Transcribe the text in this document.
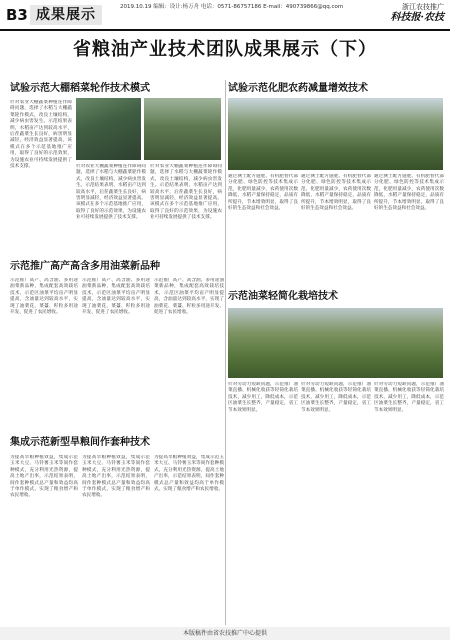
B3 成果展示	2019.10.19 编辑：设计:杨万舟 电话：0571-86757186 E-mail：490739866@qq.com	浙江农技推广
科技报·农技
省粮油产业技术团队成果展示（下）
试验示范大棚稻菜轮作技术模式
针对农业大棚蔬菜种植连作障碍问题，选择了水稻与大棚蔬菜轮作模式，改良土壤结构，减少病虫害发生。示范结果表明，水稻亩产达到较高水平，后茬蔬菜生长良好，病害明显减轻，经济效益显著提高。该模式在多个示范基地推广应用，取得了良好的示范效果，为设施农业可持续发展提供了技术支撑。	针对农业大棚蔬菜种植连作障碍问题，选择了水稻与大棚蔬菜轮作模式，改良土壤结构，减少病虫害发生。示范结果表明，水稻亩产达到较高水平，后茬蔬菜生长良好，病害明显减轻，经济效益显著提高。该模式在多个示范基地推广应用，取得了良好的示范效果，为设施农业可持续发展提供了技术支撑。
针对农业大棚蔬菜种植连作障碍问题，选择了水稻与大棚蔬菜轮作模式，改良土壤结构，减少病虫害发生。示范结果表明，水稻亩产达到较高水平，后茬蔬菜生长良好，病害明显减轻，经济效益显著提高。该模式在多个示范基地推广应用，取得了良好的示范效果，为设施农业可持续发展提供了技术支撑。
试验示范化肥农药减量增效技术
通过测土配方施肥、有机肥替代部分化肥、绿色防控等技术集成示范，化肥用量减少，农药使用次数降低，水稻产量保持稳定，品质有所提升，节本增效明显，取得了良好的生态效益和社会效益。
通过测土配方施肥、有机肥替代部分化肥、绿色防控等技术集成示范，化肥用量减少，农药使用次数降低，水稻产量保持稳定，品质有所提升，节本增效明显，取得了良好的生态效益和社会效益。
通过测土配方施肥、有机肥替代部分化肥、绿色防控等技术集成示范，化肥用量减少，农药使用次数降低，水稻产量保持稳定，品质有所提升，节本增效明显，取得了良好的生态效益和社会效益。
示范推广高产高含多用油菜新品种
示范推广高产、高含油、多用途油菜新品种，集成配套高效栽培技术，示范区油菜平均亩产明显提高，含油量达到较高水平，实现了油菜花、菜薹、籽粒多用途开发，促进了农民增收。
示范推广高产、高含油、多用途油菜新品种，集成配套高效栽培技术，示范区油菜平均亩产明显提高，含油量达到较高水平，实现了油菜花、菜薹、籽粒多用途开发，促进了农民增收。
示范推广高产、高含油、多用途油菜新品种，集成配套高效栽培技术，示范区油菜平均亩产明显提高，含油量达到较高水平，实现了油菜花、菜薹、籽粒多用途开发，促进了农民增收。
示范油菜轻简化栽培技术
针对劳动力短缺问题，示范推广油菜直播、机械化收获等轻简化栽培技术，减少用工，降低成本，示范区油菜生长整齐，产量稳定，省工节本效果明显。
针对劳动力短缺问题，示范推广油菜直播、机械化收获等轻简化栽培技术，减少用工，降低成本，示范区油菜生长整齐，产量稳定，省工节本效果明显。
针对劳动力短缺问题，示范推广油菜直播、机械化收获等轻简化栽培技术，减少用工，降低成本，示范区油菜生长整齐，产量稳定，省工节本效果明显。
集成示范新型旱粮间作套种技术
为提高旱粮种植效益，集成示范玉米大豆、马铃薯玉米等间作套种模式，充分利用光热资源，提高土地产出率，示范结果表明，间作套种模式总产量和效益均高于单作模式，实现了粮食增产和农民增收。
为提高旱粮种植效益，集成示范玉米大豆、马铃薯玉米等间作套种模式，充分利用光热资源，提高土地产出率，示范结果表明，间作套种模式总产量和效益均高于单作模式，实现了粮食增产和农民增收。
为提高旱粮种植效益，集成示范玉米大豆、马铃薯玉米等间作套种模式，充分利用光热资源，提高土地产出率，示范结果表明，间作套种模式总产量和效益均高于单作模式，实现了粮食增产和农民增收。
本版稿件由省农技推广中心提供
